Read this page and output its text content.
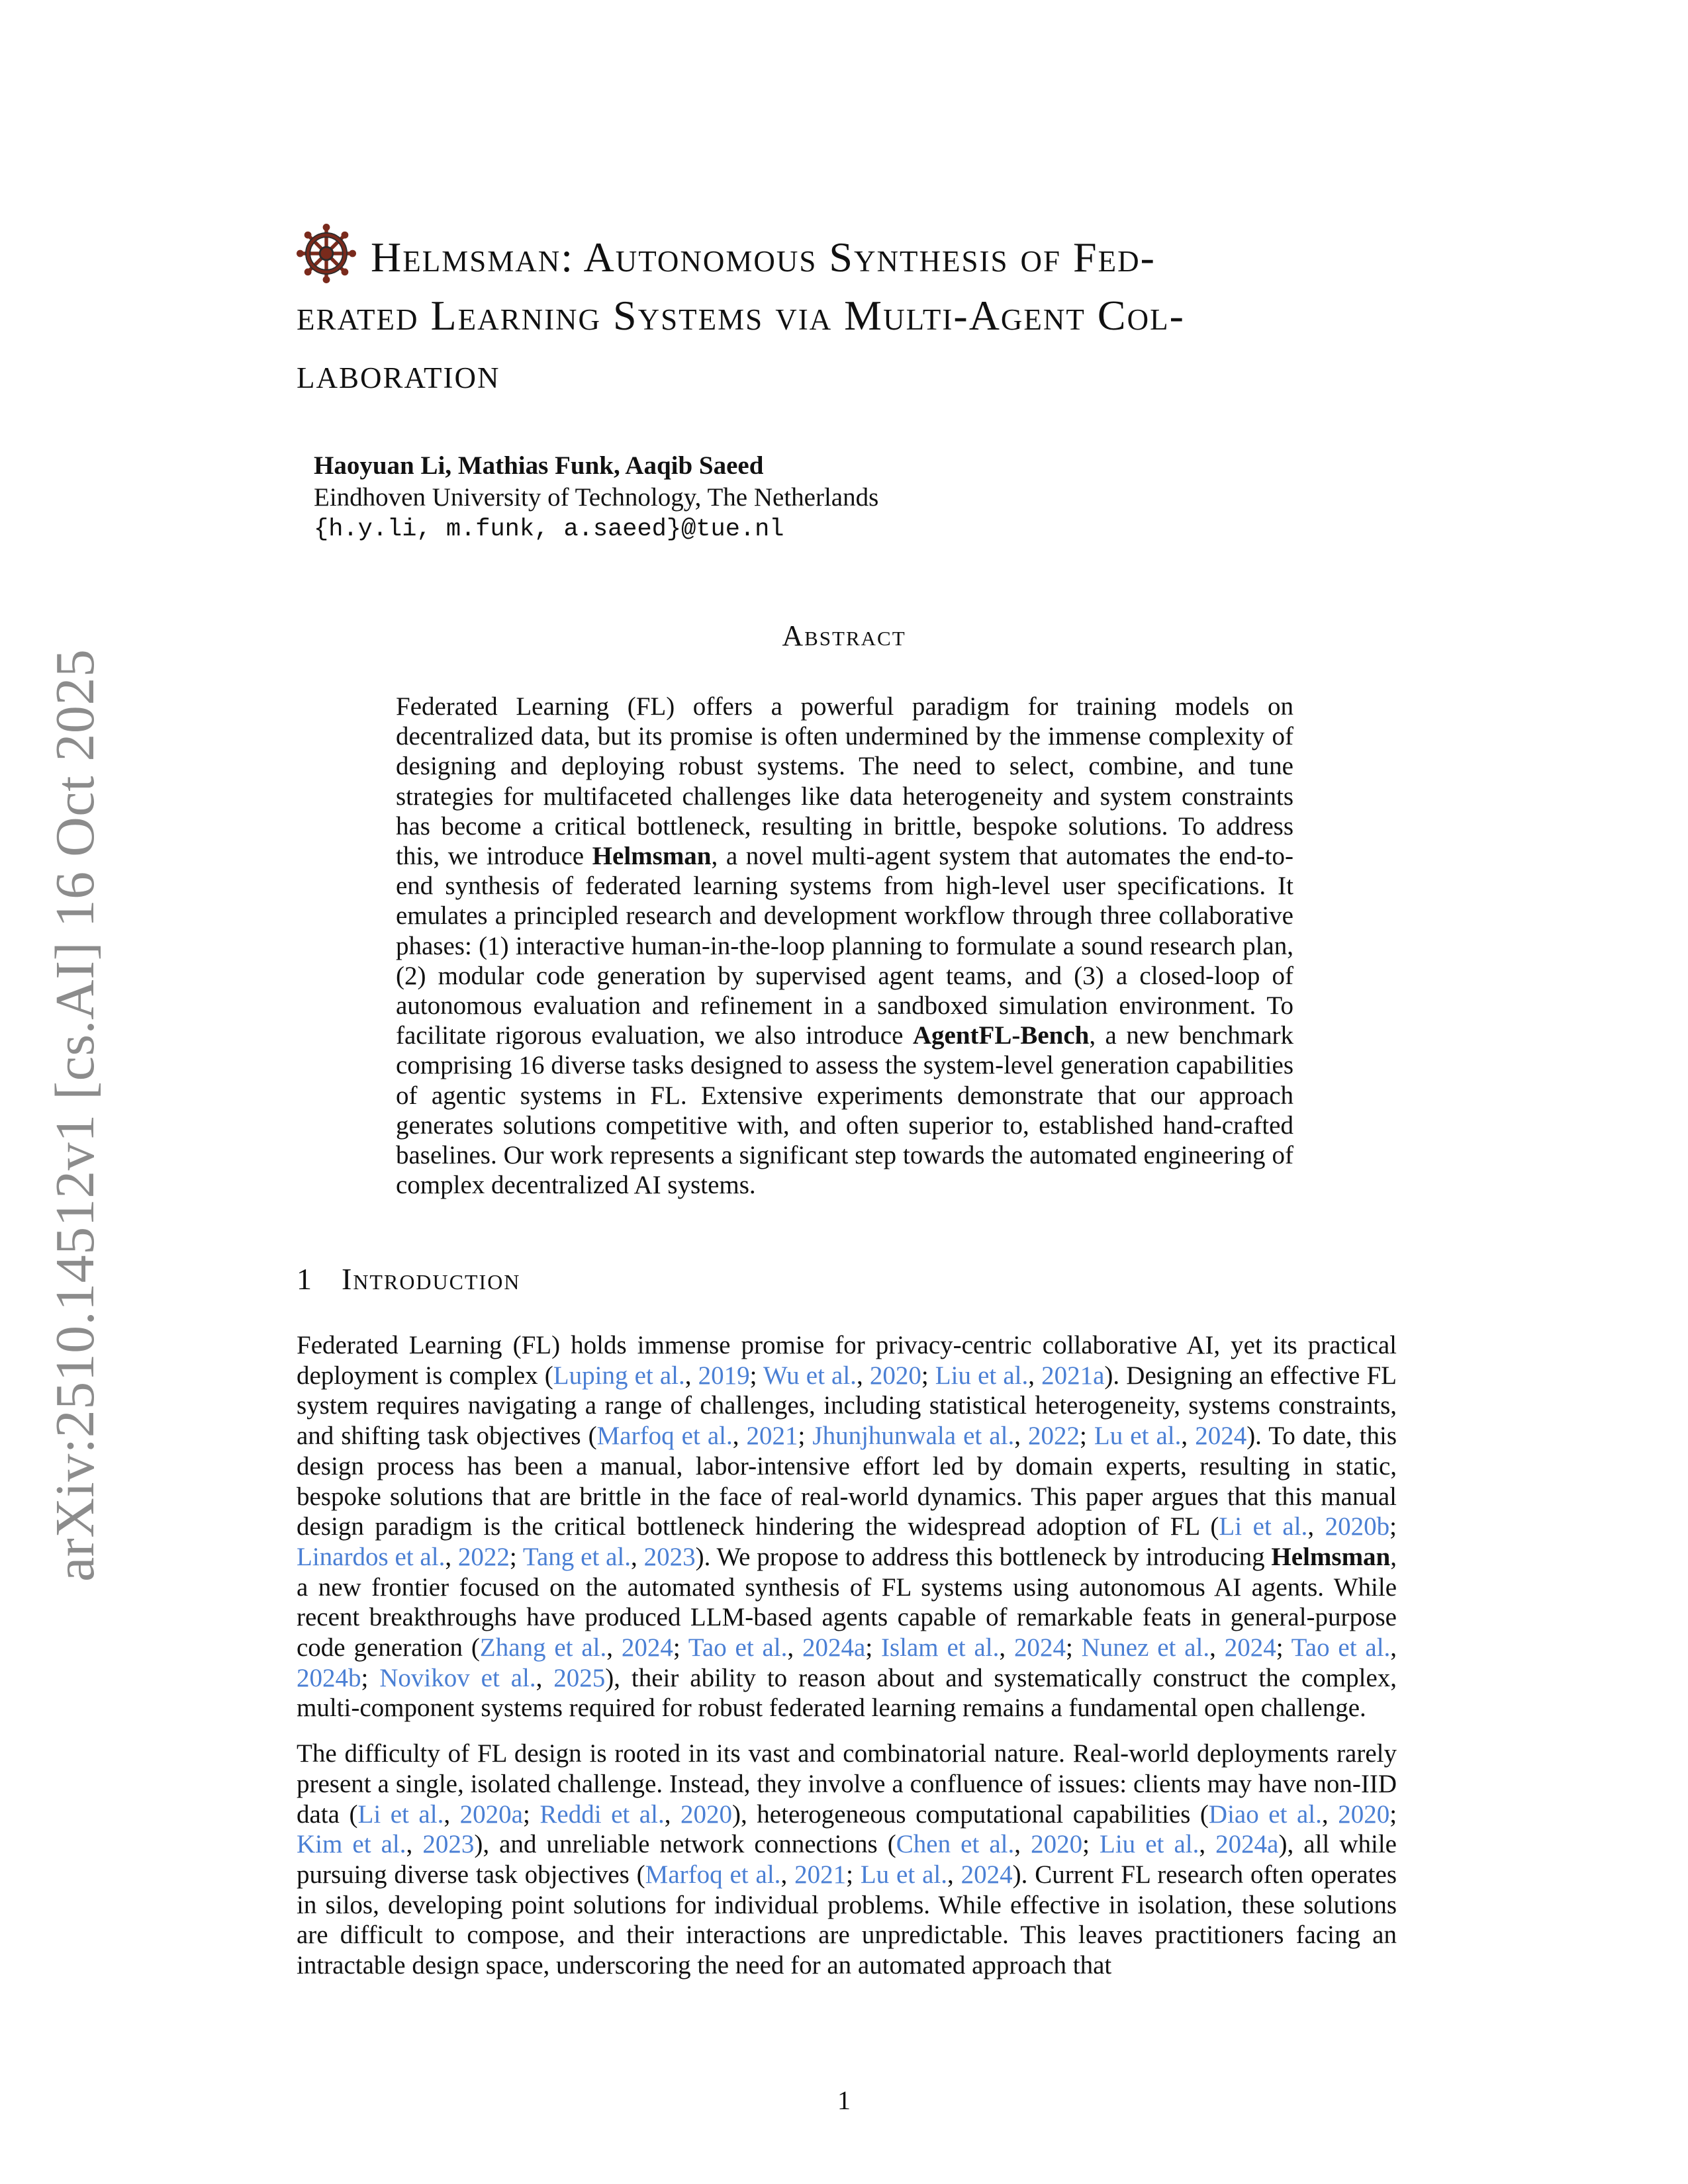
arXiv:2510.14512v1 [cs.AI] 16 Oct 2025
Helmsman: Autonomous Synthesis of Fed-
erated Learning Systems via Multi-Agent Col-
laboration
Haoyuan Li, Mathias Funk, Aaqib Saeed
Eindhoven University of Technology, The Netherlands
{h.y.li, m.funk, a.saeed}@tue.nl
Abstract
Federated Learning (FL) offers a powerful paradigm for training models on decentralized data, but its promise is often undermined by the immense complexity of designing and deploying robust systems. The need to select, combine, and tune strategies for multifaceted challenges like data heterogeneity and system constraints has become a critical bottleneck, resulting in brittle, bespoke solutions. To address this, we introduce Helmsman, a novel multi-agent system that automates the end-to-end synthesis of federated learning systems from high-level user specifications. It emulates a principled research and development workflow through three collaborative phases: (1) interactive human-in-the-loop planning to formulate a sound research plan, (2) modular code generation by supervised agent teams, and (3) a closed-loop of autonomous evaluation and refinement in a sandboxed simulation environment. To facilitate rigorous evaluation, we also introduce AgentFL-Bench, a new benchmark comprising 16 diverse tasks designed to assess the system-level generation capabilities of agentic systems in FL. Extensive experiments demonstrate that our approach generates solutions competitive with, and often superior to, established hand-crafted baselines. Our work represents a significant step towards the automated engineering of complex decentralized AI systems.
1 Introduction

Federated Learning (FL) holds immense promise for privacy-centric collaborative AI, yet its practical deployment is complex (Luping et al., 2019; Wu et al., 2020; Liu et al., 2021a). Designing an effective FL system requires navigating a range of challenges, including statistical heterogeneity, systems constraints, and shifting task objectives (Marfoq et al., 2021; Jhunjhunwala et al., 2022; Lu et al., 2024). To date, this design process has been a manual, labor-intensive effort led by domain experts, resulting in static, bespoke solutions that are brittle in the face of real-world dynamics. This paper argues that this manual design paradigm is the critical bottleneck hindering the widespread adoption of FL (Li et al., 2020b; Linardos et al., 2022; Tang et al., 2023). We propose to address this bottleneck by introducing Helmsman, a new frontier focused on the automated synthesis of FL systems using autonomous AI agents. While recent breakthroughs have produced LLM-based agents capable of remarkable feats in general-purpose code generation (Zhang et al., 2024; Tao et al., 2024a; Islam et al., 2024; Nunez et al., 2024; Tao et al., 2024b; Novikov et al., 2025), their ability to reason about and systematically construct the complex, multi-component systems required for robust federated learning remains a fundamental open challenge.

The difficulty of FL design is rooted in its vast and combinatorial nature. Real-world deployments rarely present a single, isolated challenge. Instead, they involve a confluence of issues: clients may have non-IID data (Li et al., 2020a; Reddi et al., 2020), heterogeneous computational capabilities (Diao et al., 2020; Kim et al., 2023), and unreliable network connections (Chen et al., 2020; Liu et al., 2024a), all while pursuing diverse task objectives (Marfoq et al., 2021; Lu et al., 2024). Current FL research often operates in silos, developing point solutions for individual problems. While effective in isolation, these solutions are difficult to compose, and their interactions are unpredictable. This leaves practitioners facing an intractable design space, underscoring the need for an automated approach that

1
